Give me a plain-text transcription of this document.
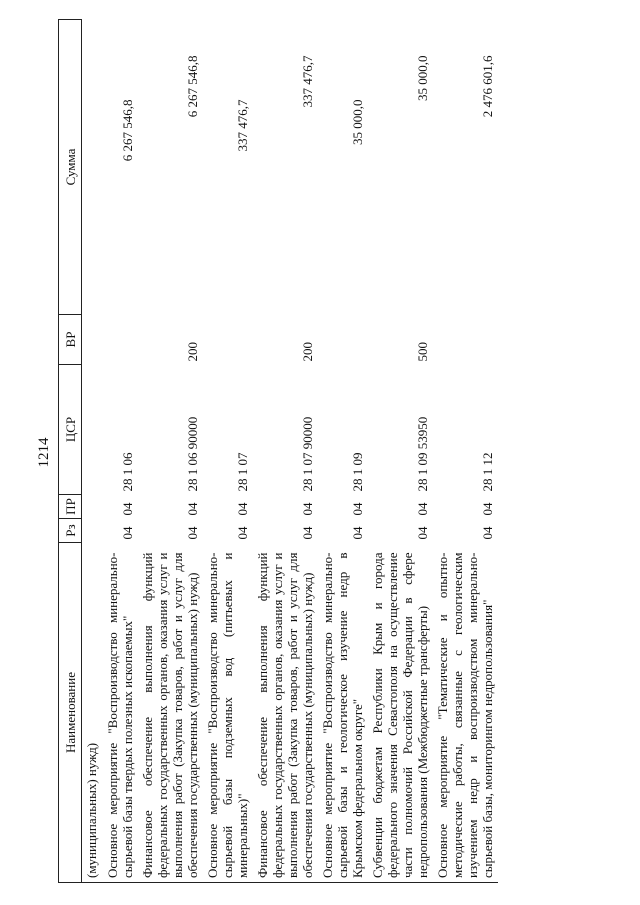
1214
Наименование	Рз	ПР	ЦСР	ВР	Сумма
(муниципальных) нужд)					
Основное мероприятие "Воспроизводство минерально-сырьевой базы твердых полезных ископаемых"	04	04	28 1 06		6 267 546,8
Финансовое обеспечение выполнения функций федеральных государственных органов, оказания услуг и выполнения работ (Закупка товаров, работ и услуг для обеспечения государственных (муниципальных) нужд)	04	04	28 1 06 90000	200	6 267 546,8
Основное мероприятие "Воспроизводство минерально-сырьевой базы подземных вод (питьевых и минеральных)"	04	04	28 1 07		337 476,7
Финансовое обеспечение выполнения функций федеральных государственных органов, оказания услуг и выполнения работ (Закупка товаров, работ и услуг для обеспечения государственных (муниципальных) нужд)	04	04	28 1 07 90000	200	337 476,7
Основное мероприятие "Воспроизводство минерально-сырьевой базы и геологическое изучение недр в Крымском федеральном округе"	04	04	28 1 09		35 000,0
Субвенции бюджетам Республики Крым и города федерального значения Севастополя на осуществление части полномочий Российской Федерации в сфере недропользования (Межбюджетные трансферты)	04	04	28 1 09 53950	500	35 000,0
Основное мероприятие "Тематические и опытно-методические работы, связанные с геологическим изучением недр и воспроизводством минерально-сырьевой базы, мониторингом недропользования"	04	04	28 1 12		2 476 601,6
